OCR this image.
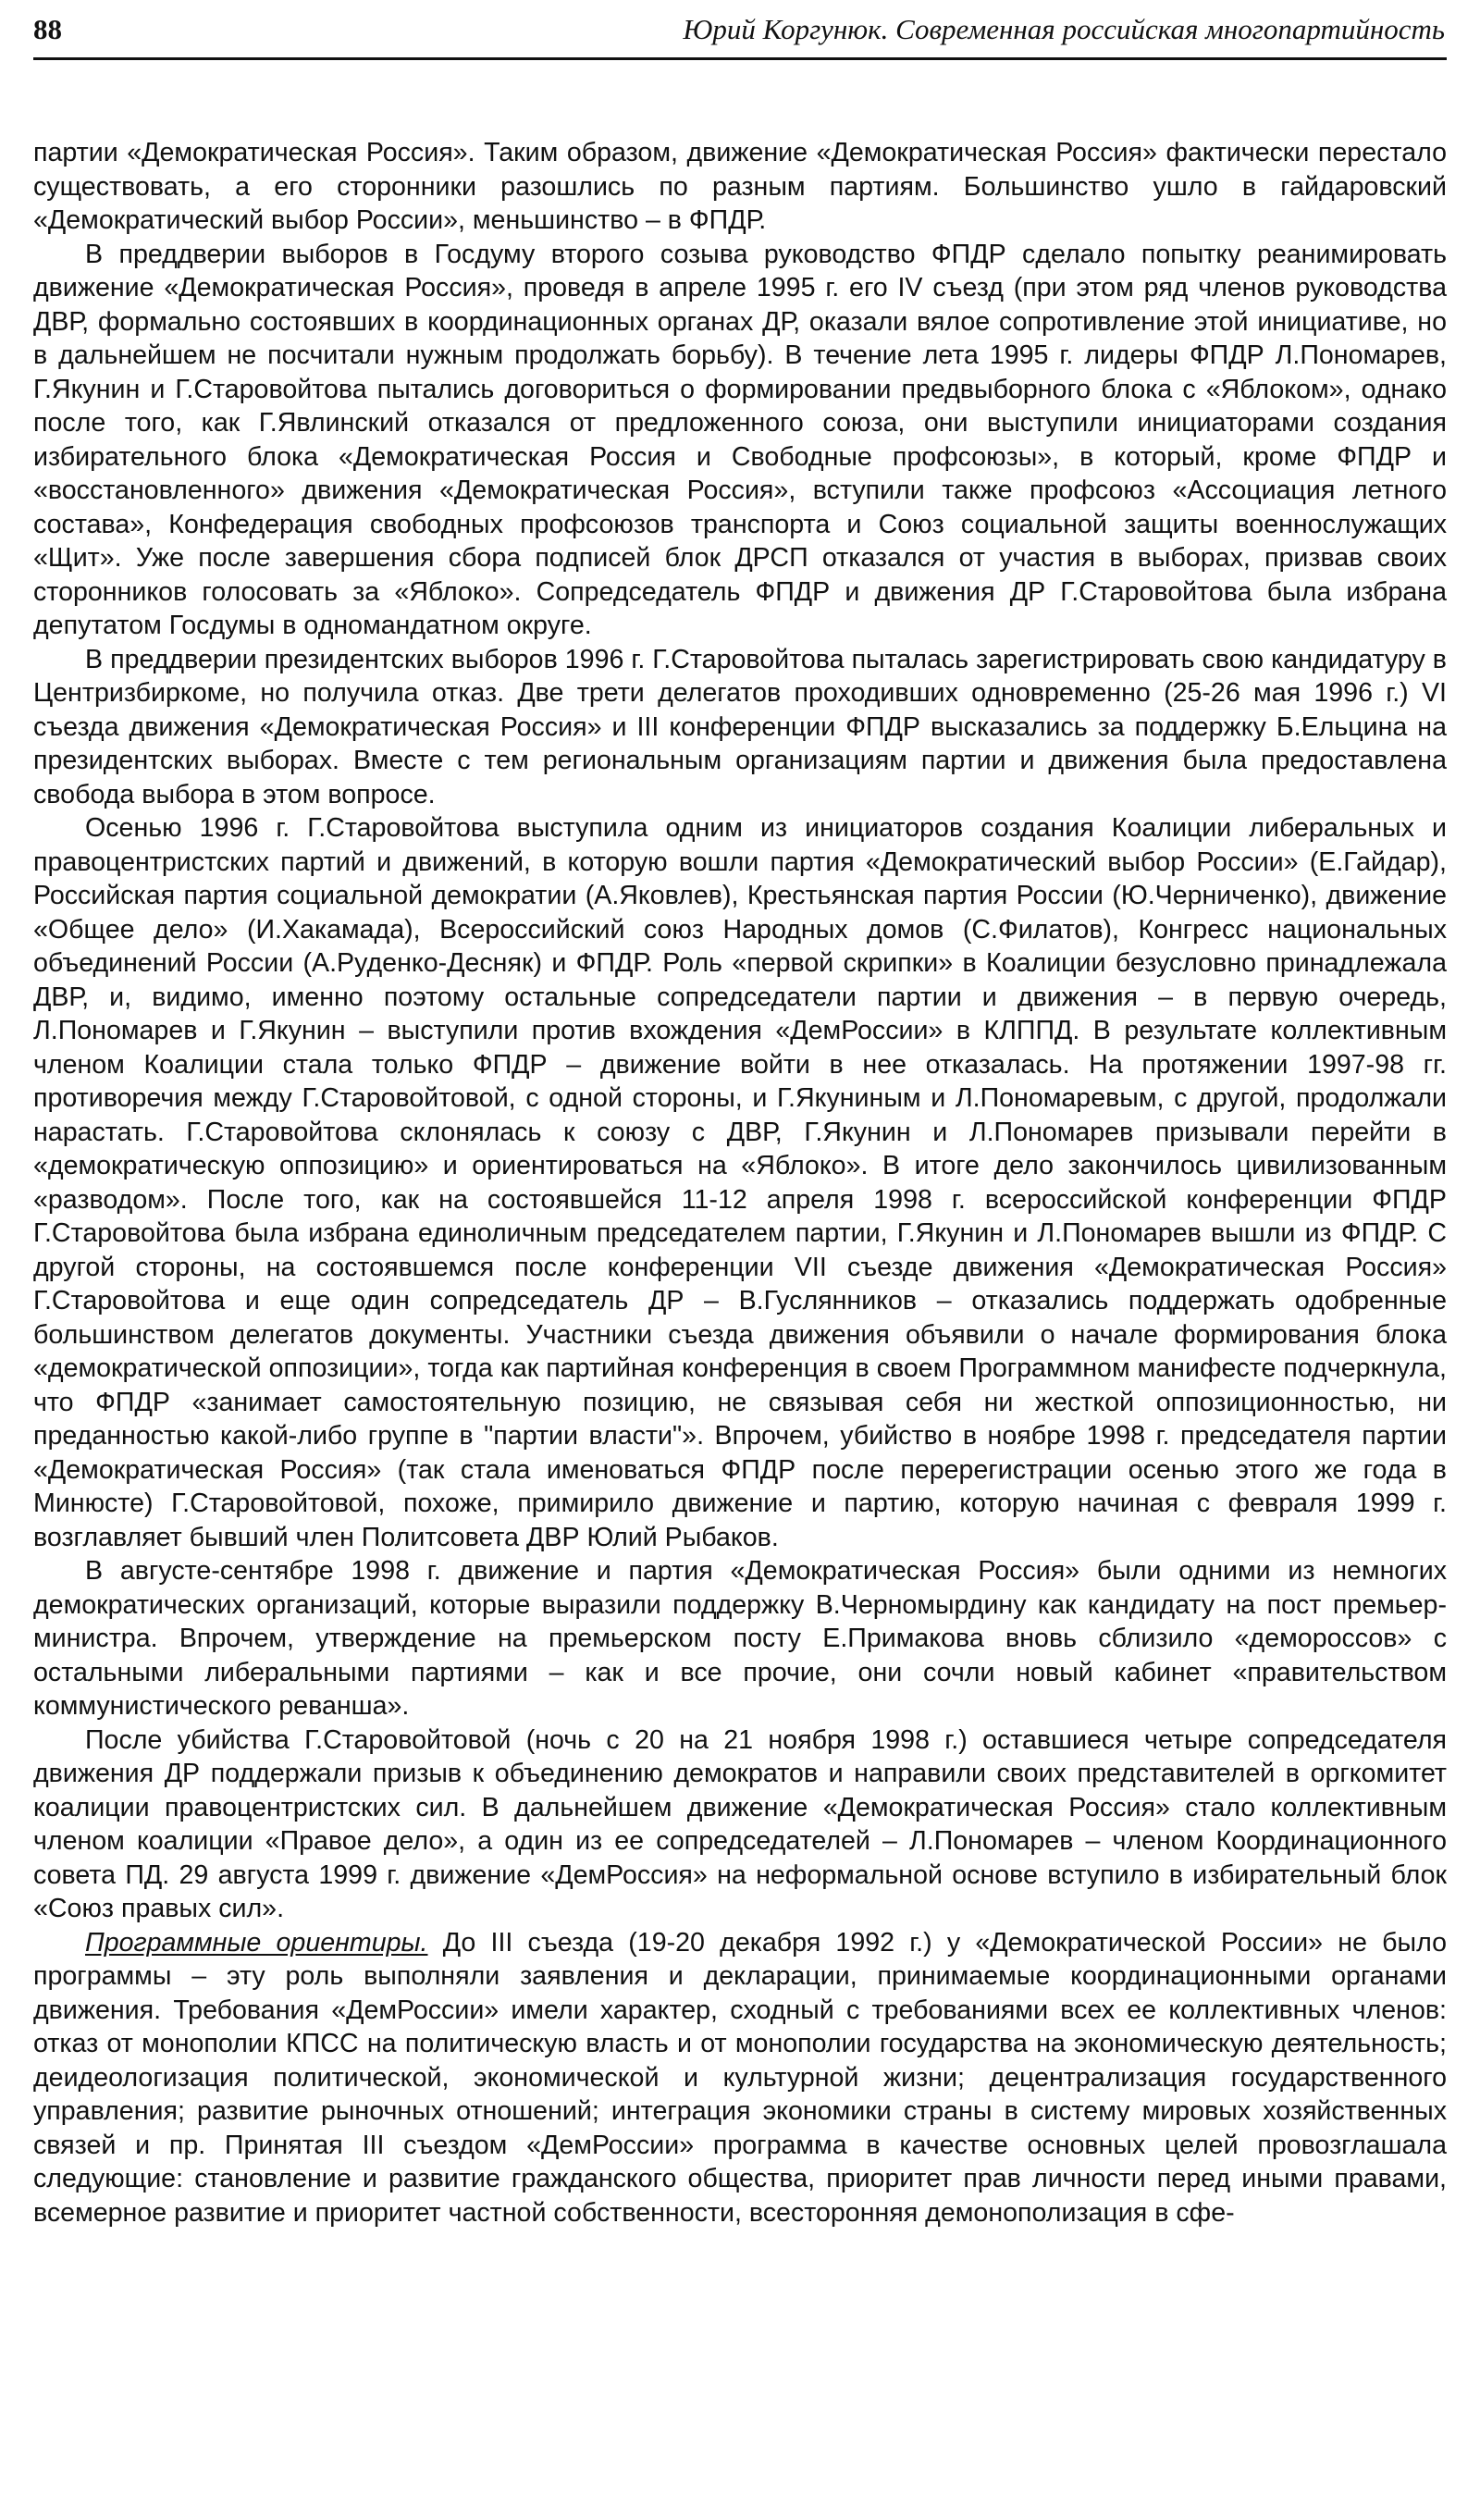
88	Юрий Коргунюк. Современная российская многопартийность

партии «Демократическая Россия». Таким образом, движение «Демократическая Россия» фактически перестало существовать, а его сторонники разошлись по разным партиям. Большинство ушло в гайдаровский «Демократический выбор России», меньшинство – в ФПДР.

В преддверии выборов в Госдуму второго созыва руководство ФПДР сделало попытку реанимировать движение «Демократическая Россия», проведя в апреле 1995 г. его IV съезд (при этом ряд членов руководства ДВР, формально состоявших в координационных органах ДР, оказали вялое сопротивление этой инициативе, но в дальнейшем не посчитали нужным продолжать борьбу). В течение лета 1995 г. лидеры ФПДР Л.Пономарев, Г.Якунин и Г.Старовойтова пытались договориться о формировании предвыборного блока с «Яблоком», однако после того, как Г.Явлинский отказался от предложенного союза, они выступили инициаторами создания избирательного блока «Демократическая Россия и Свободные профсоюзы», в который, кроме ФПДР и «восстановленного» движения «Демократическая Россия», вступили также профсоюз «Ассоциация летного состава», Конфедерация свободных профсоюзов транспорта и Союз социальной защиты военнослужащих «Щит». Уже после завершения сбора подписей блок ДРСП отказался от участия в выборах, призвав своих сторонников голосовать за «Яблоко». Сопредседатель ФПДР и движения ДР Г.Старовойтова была избрана депутатом Госдумы в одномандатном округе.

В преддверии президентских выборов 1996 г. Г.Старовойтова пыталась зарегистрировать свою кандидатуру в Центризбиркоме, но получила отказ. Две трети делегатов проходивших одновременно (25-26 мая 1996 г.) VI съезда движения «Демократическая Россия» и III конференции ФПДР высказались за поддержку Б.Ельцина на президентских выборах. Вместе с тем региональным организациям партии и движения была предоставлена свобода выбора в этом вопросе.

Осенью 1996 г. Г.Старовойтова выступила одним из инициаторов создания Коалиции либеральных и правоцентристских партий и движений, в которую вошли партия «Демократический выбор России» (Е.Гайдар), Российская партия социальной демократии (А.Яковлев), Крестьянская партия России (Ю.Черниченко), движение «Общее дело» (И.Хакамада), Всероссийский союз Народных домов (С.Филатов), Конгресс национальных объединений России (А.Руденко-Десняк) и ФПДР. Роль «первой скрипки» в Коалиции безусловно принадлежала ДВР, и, видимо, именно поэтому остальные сопредседатели партии и движения – в первую очередь, Л.Пономарев и Г.Якунин – выступили против вхождения «ДемРоссии» в КЛППД. В результате коллективным членом Коалиции стала только ФПДР – движение войти в нее отказалась. На протяжении 1997-98 гг. противоречия между Г.Старовойтовой, с одной стороны, и Г.Якуниным и Л.Пономаревым, с другой, продолжали нарастать. Г.Старовойтова склонялась к союзу с ДВР, Г.Якунин и Л.Пономарев призывали перейти в «демократическую оппозицию» и ориентироваться на «Яблоко». В итоге дело закончилось цивилизованным «разводом». После того, как на состоявшейся 11-12 апреля 1998 г. всероссийской конференции ФПДР Г.Старовойтова была избрана единоличным председателем партии, Г.Якунин и Л.Пономарев вышли из ФПДР. С другой стороны, на состоявшемся после конференции VII съезде движения «Демократическая Россия» Г.Старовойтова и еще один сопредседатель ДР – В.Гуслянников – отказались поддержать одобренные большинством делегатов документы. Участники съезда движения объявили о начале формирования блока «демократической оппозиции», тогда как партийная конференция в своем Программном манифесте подчеркнула, что ФПДР «занимает самостоятельную позицию, не связывая себя ни жесткой оппозиционностью, ни преданностью какой-либо группе в "партии власти"». Впрочем, убийство в ноябре 1998 г. председателя партии «Демократическая Россия» (так стала именоваться ФПДР после перерегистрации осенью этого же года в Минюсте) Г.Старовойтовой, похоже, примирило движение и партию, которую начиная с февраля 1999 г. возглавляет бывший член Политсовета ДВР Юлий Рыбаков.

В августе-сентябре 1998 г. движение и партия «Демократическая Россия» были одними из немногих демократических организаций, которые выразили поддержку В.Черномырдину как кандидату на пост премьер-министра. Впрочем, утверждение на премьерском посту Е.Примакова вновь сблизило «демороссов» с остальными либеральными партиями – как и все прочие, они сочли новый кабинет «правительством коммунистического реванша».

После убийства Г.Старовойтовой (ночь с 20 на 21 ноября 1998 г.) оставшиеся четыре сопредседателя движения ДР поддержали призыв к объединению демократов и направили своих представителей в оргкомитет коалиции правоцентристских сил. В дальнейшем движение «Демократическая Россия» стало коллективным членом коалиции «Правое дело», а один из ее сопредседателей – Л.Пономарев – членом Координационного совета ПД. 29 августа 1999 г. движение «ДемРоссия» на неформальной основе вступило в избирательный блок «Союз правых сил».

Программные ориентиры. До III съезда (19-20 декабря 1992 г.) у «Демократической России» не было программы – эту роль выполняли заявления и декларации, принимаемые координационными органами движения. Требования «ДемРоссии» имели характер, сходный с требованиями всех ее коллективных членов: отказ от монополии КПСС на политическую власть и от монополии государства на экономическую деятельность; деидеологизация политической, экономической и культурной жизни; децентрализация государственного управления; развитие рыночных отношений; интеграция экономики страны в систему мировых хозяйственных связей и пр. Принятая III съездом «ДемРоссии» программа в качестве основных целей провозглашала следующие: становление и развитие гражданского общества, приоритет прав личности перед иными правами, всемерное развитие и приоритет частной собственности, всесторонняя демонополизация в сфе-
